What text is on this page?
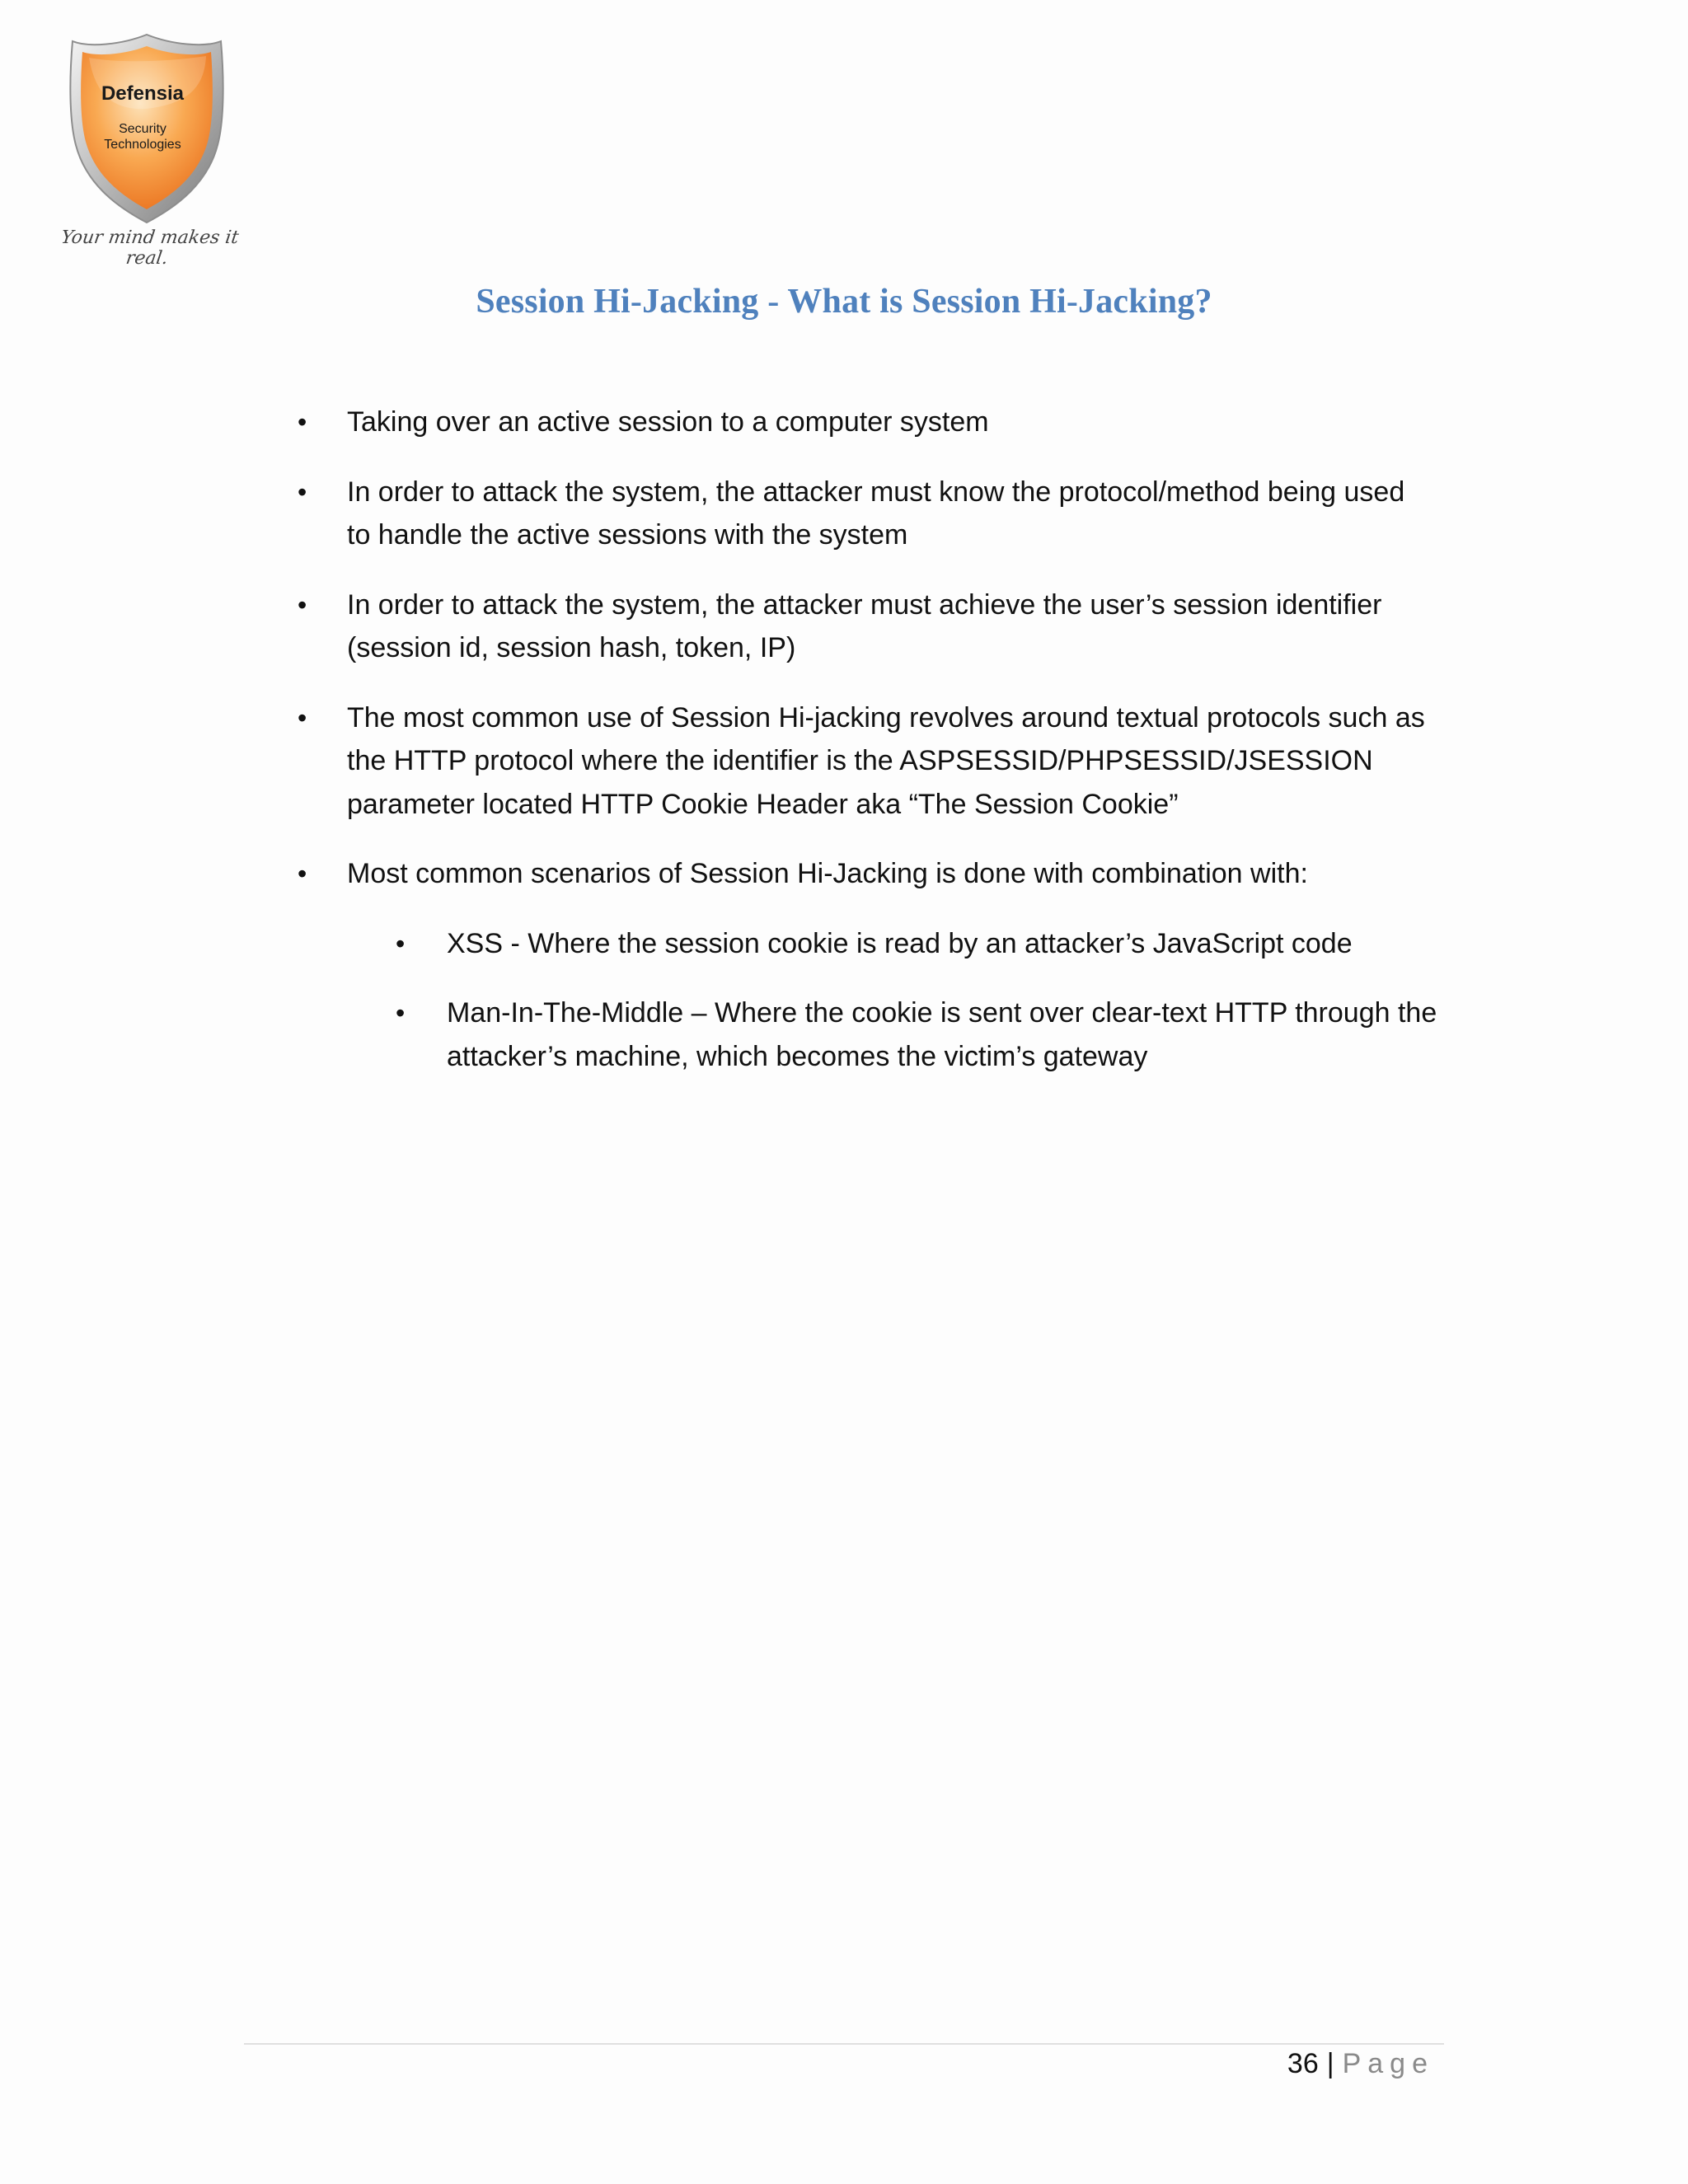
Defensia
Security
Technologies
Your mind makes it real.
Session Hi-Jacking - What is Session Hi-Jacking?
• Taking over an active session to a computer system
• In order to attack the system, the attacker must know the protocol/method being used to handle the active sessions with the system
• In order to attack the system, the attacker must achieve the user’s session identifier (session id, session hash, token, IP)
• The most common use of Session Hi-jacking revolves around textual protocols such as the HTTP protocol where the identifier is the ASPSESSID/PHPSESSID/JSESSION parameter located HTTP Cookie Header aka “The Session Cookie”
• Most common scenarios of Session Hi-Jacking is done with combination with:
• XSS - Where the session cookie is read by an attacker’s JavaScript code
• Man-In-The-Middle – Where the cookie is sent over clear-text HTTP through the attacker’s machine, which becomes the victim’s gateway
36 | Page
